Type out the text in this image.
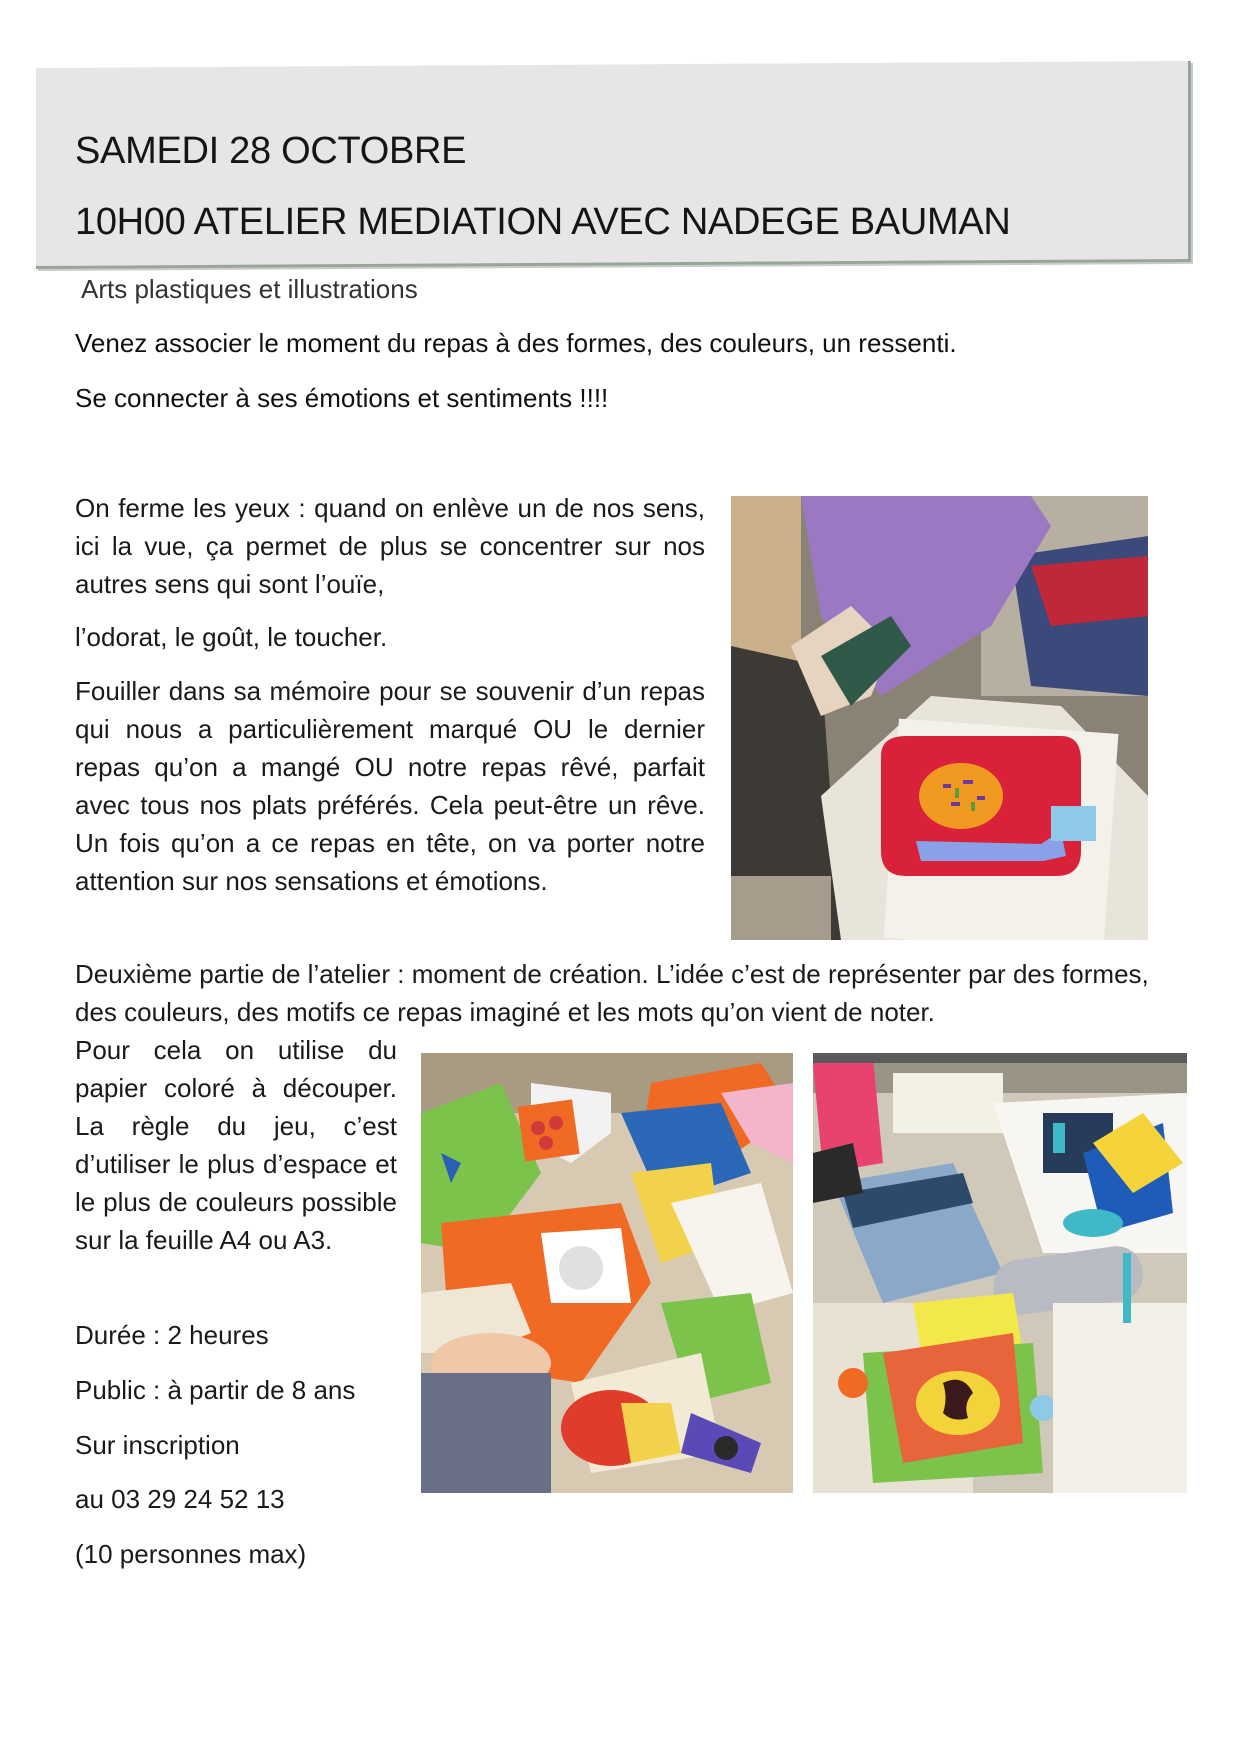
SAMEDI 28 OCTOBRE
10H00 ATELIER MEDIATION AVEC NADEGE BAUMAN
Arts plastiques et illustrations
Venez associer le moment du repas à des formes, des couleurs, un ressenti.
Se connecter à ses émotions et sentiments !!!!
On ferme les yeux : quand on enlève un de nos sens, ici la vue, ça permet de plus se concentrer sur nos autres sens qui sont l’ouïe,
l’odorat, le goût, le toucher.
Fouiller dans sa mémoire pour se souvenir d’un repas qui nous a particulièrement marqué OU le dernier repas qu’on a mangé OU notre repas rêvé, parfait avec tous nos plats préférés. Cela peut-être un rêve. Un fois qu’on a ce repas en tête, on va porter notre attention sur nos sensations et émotions.
Deuxième partie de l’atelier : moment de création. L’idée c’est de représenter par des formes, des couleurs, des motifs ce repas imaginé et les mots qu’on vient de noter.
Pour cela on utilise du papier coloré à découper. La règle du jeu, c’est d’utiliser le plus d’espace et le plus de couleurs possible sur la feuille A4 ou A3.
Durée : 2 heures
Public : à partir de 8 ans
Sur inscription
au 03 29 24 52 13
(10 personnes max)
